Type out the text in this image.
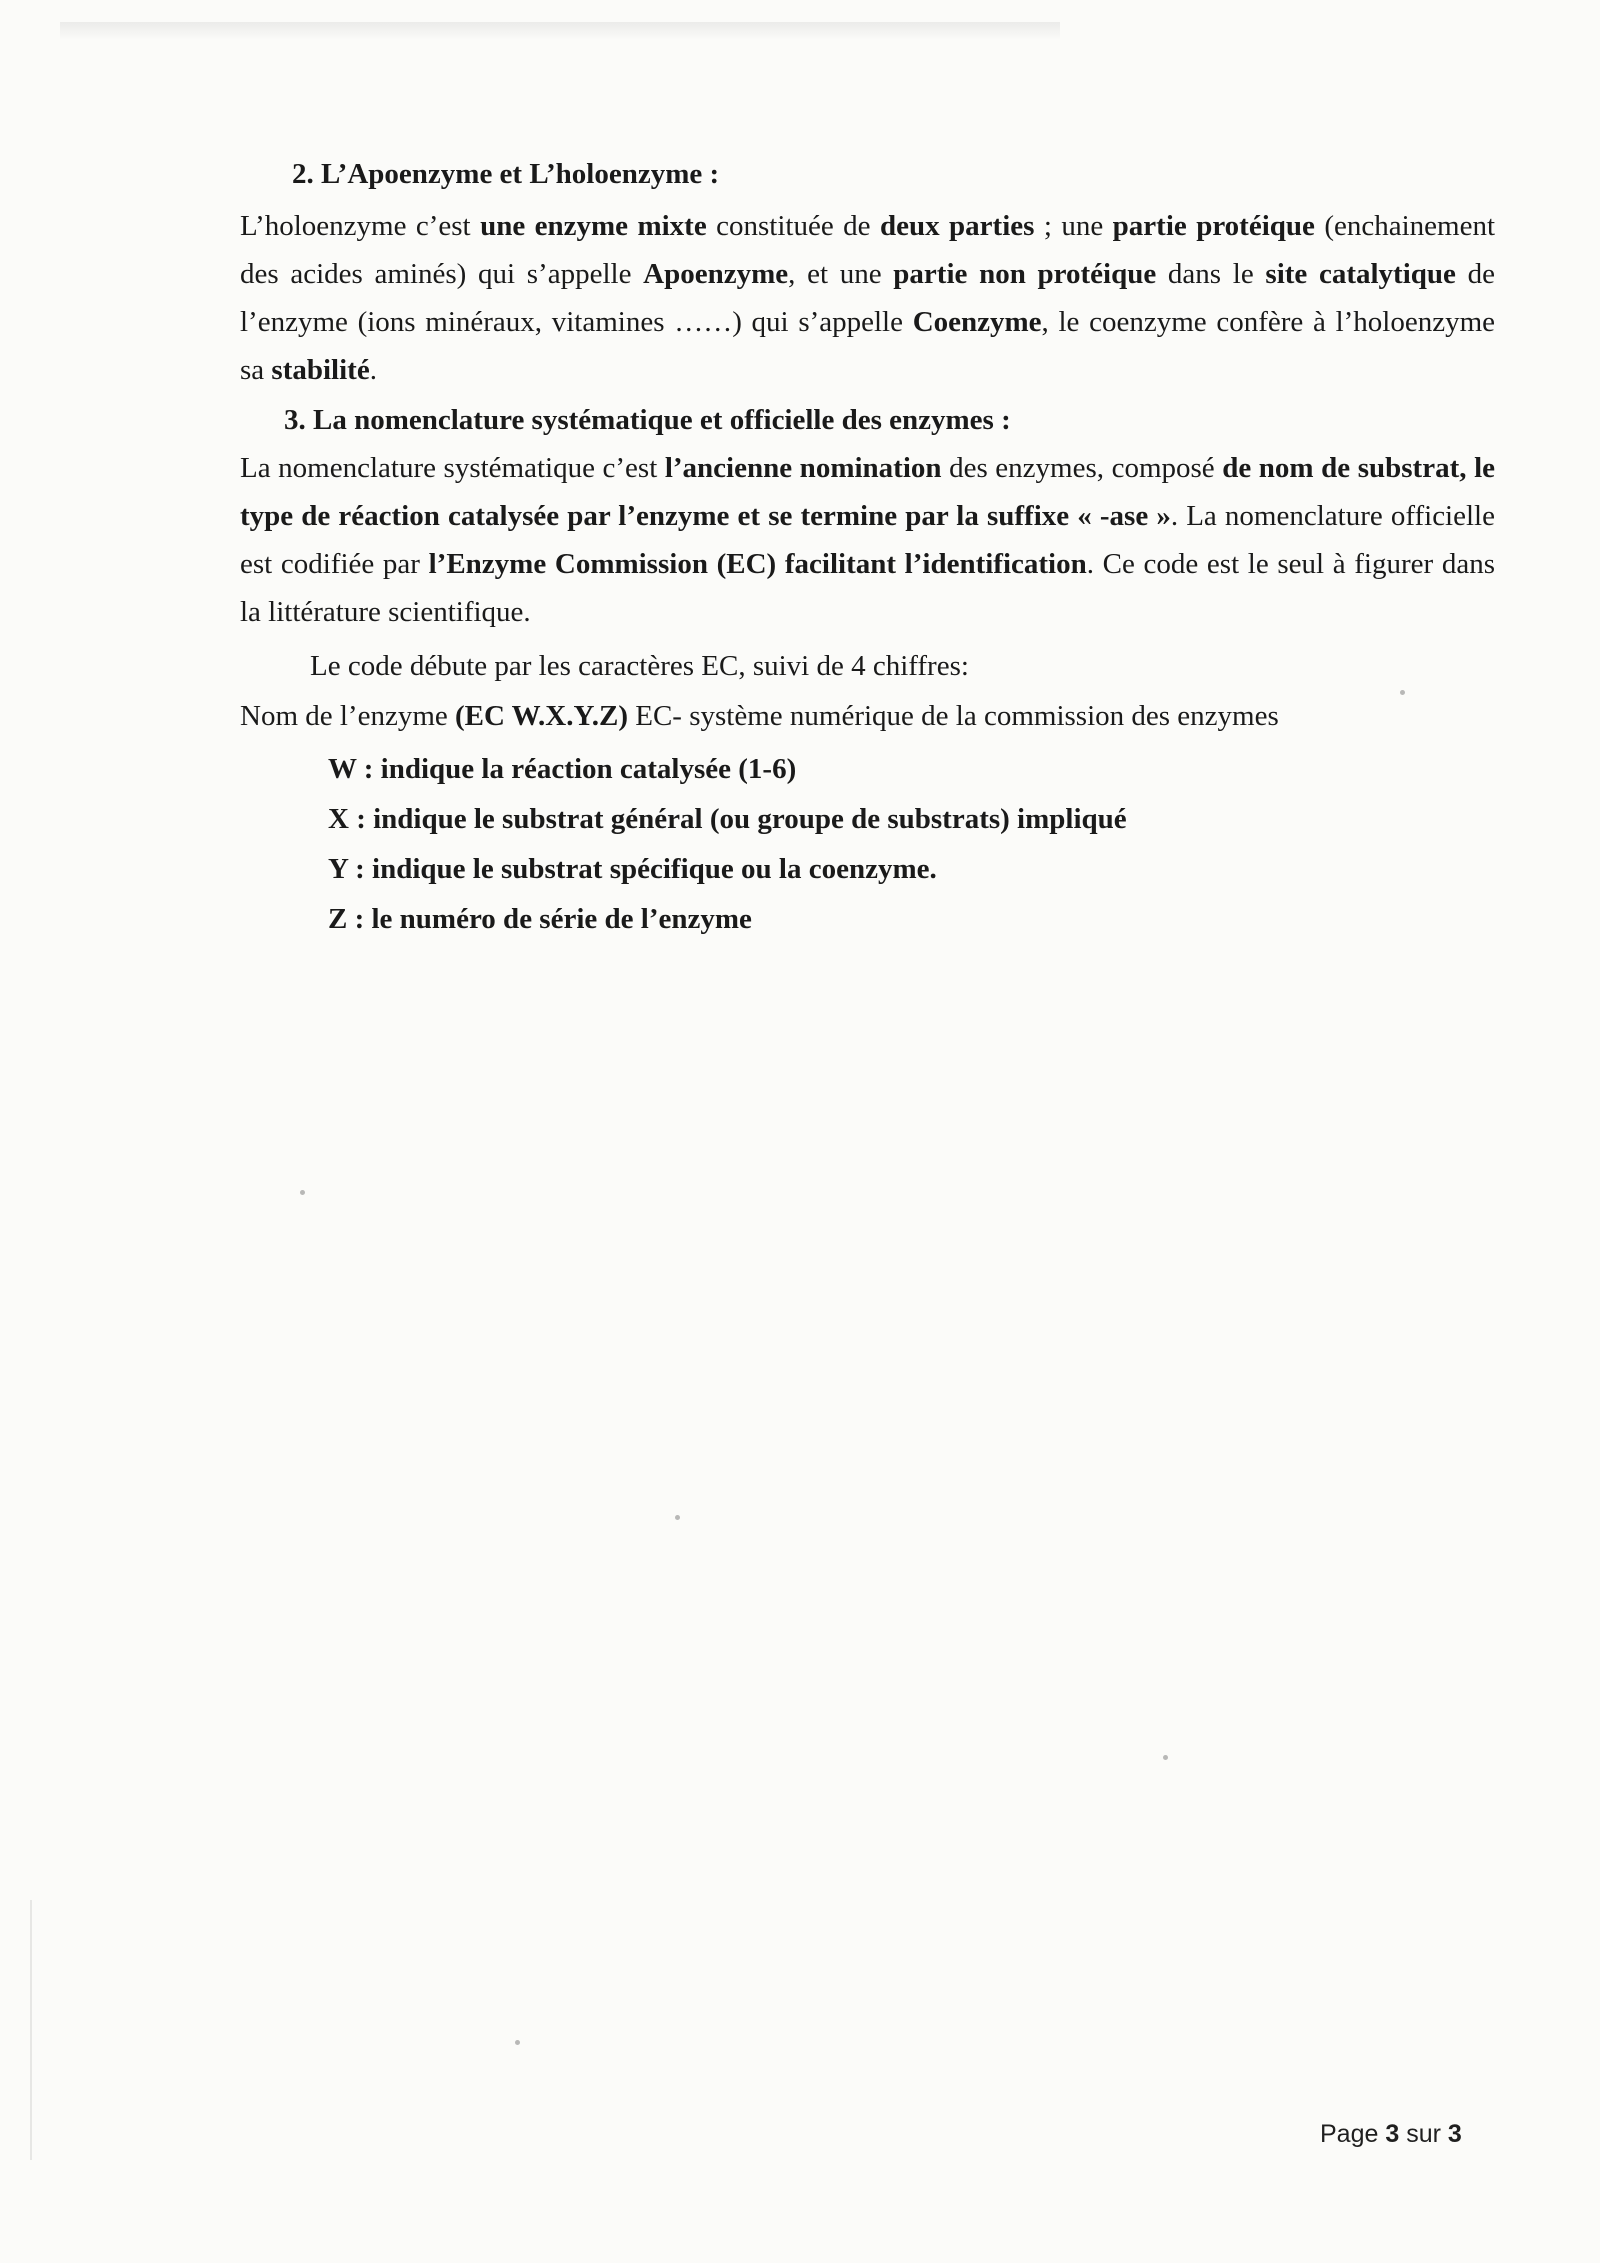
2. L’Apoenzyme et L’holoenzyme :

L’holoenzyme c’est une enzyme mixte constituée de deux parties ; une partie protéique (enchainement des acides aminés) qui s’appelle Apoenzyme, et une partie non protéique dans le site catalytique de l’enzyme (ions minéraux, vitamines ……) qui s’appelle Coenzyme, le coenzyme confère à l’holoenzyme sa stabilité.

3. La nomenclature systématique et officielle des enzymes :

La nomenclature systématique c’est l’ancienne nomination des enzymes, composé de nom de substrat, le type de réaction catalysée par l’enzyme et se termine par la suffixe « -ase ». La nomenclature officielle est codifiée par l’Enzyme Commission (EC) facilitant l’identification. Ce code est le seul à figurer dans la littérature scientifique.

Le code débute par les caractères EC, suivi de 4 chiffres:

Nom de l’enzyme (EC W.X.Y.Z) EC- système numérique de la commission des enzymes

W : indique la réaction catalysée (1-6)
X : indique le substrat général (ou groupe de substrats) impliqué
Y : indique le substrat spécifique ou la coenzyme.
Z : le numéro de série de l’enzyme
Page 3 sur 3
